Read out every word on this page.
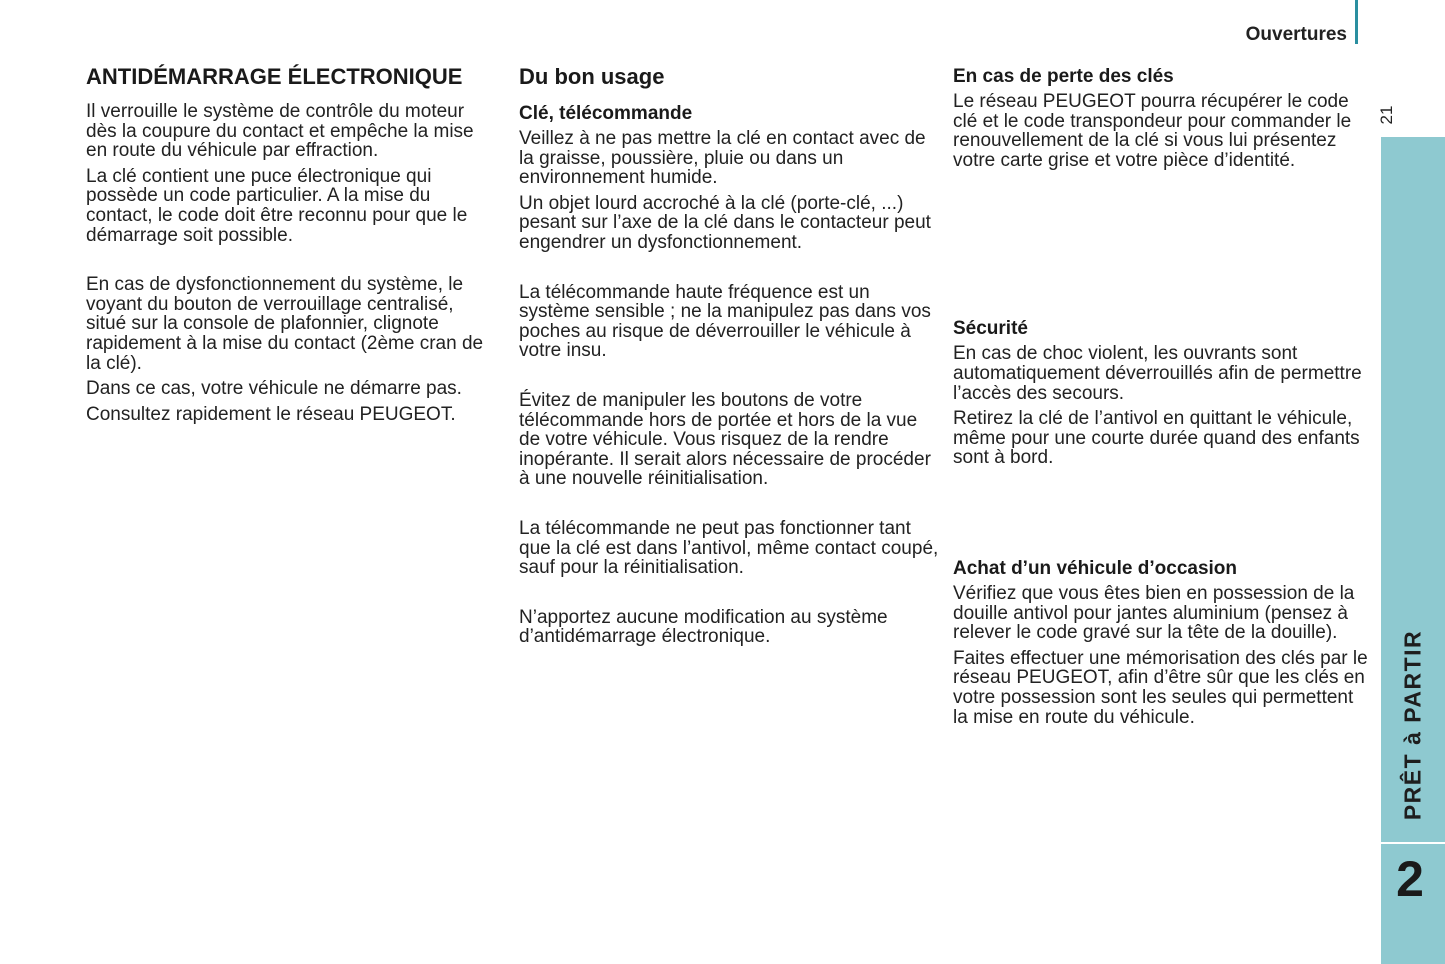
Ouvertures
21
PRÊT à PARTIR
2
ANTIDÉMARRAGE ÉLECTRONIQUE

Il verrouille le système de contrôle du moteur dès la coupure du contact et empêche la mise en route du véhicule par effraction.

La clé contient une puce électronique qui possède un code particulier. A la mise du contact, le code doit être reconnu pour que le démarrage soit possible.

En cas de dysfonctionnement du système, le voyant du bouton de verrouillage centralisé, situé sur la console de plafonnier, clignote rapidement à la mise du contact (2ème cran de la clé).

Dans ce cas, votre véhicule ne démarre pas.

Consultez rapidement le réseau PEUGEOT.

Du bon usage
Clé, télécommande

Veillez à ne pas mettre la clé en contact avec de la graisse, poussière, pluie ou dans un environnement humide.

Un objet lourd accroché à la clé (porte-clé, ...) pesant sur l’axe de la clé dans le contacteur peut engendrer un dysfonctionnement.

La télécommande haute fréquence est un système sensible ; ne la manipulez pas dans vos poches au risque de déverrouiller le véhicule à votre insu.

Évitez de manipuler les boutons de votre télécommande hors de portée et hors de la vue de votre véhicule. Vous risquez de la rendre inopérante. Il serait alors nécessaire de procéder à une nouvelle réinitialisation.

La télécommande ne peut pas fonctionner tant que la clé est dans l’antivol, même contact coupé, sauf pour la réinitialisation.

N’apportez aucune modification au système d’antidémarrage électronique.

En cas de perte des clés

Le réseau PEUGEOT pourra récupérer le code clé et le code transpondeur pour commander le renouvellement de la clé si vous lui présentez votre carte grise et votre pièce d’identité.

Sécurité

En cas de choc violent, les ouvrants sont automatiquement déverrouillés afin de permettre l’accès des secours.

Retirez la clé de l’antivol en quittant le véhicule, même pour une courte durée quand des enfants sont à bord.

Achat d’un véhicule d’occasion

Vérifiez que vous êtes bien en possession de la douille antivol pour jantes aluminium (pensez à relever le code gravé sur la tête de la douille).

Faites effectuer une mémorisation des clés par le réseau PEUGEOT, afin d’être sûr que les clés en votre possession sont les seules qui permettent la mise en route du véhicule.
